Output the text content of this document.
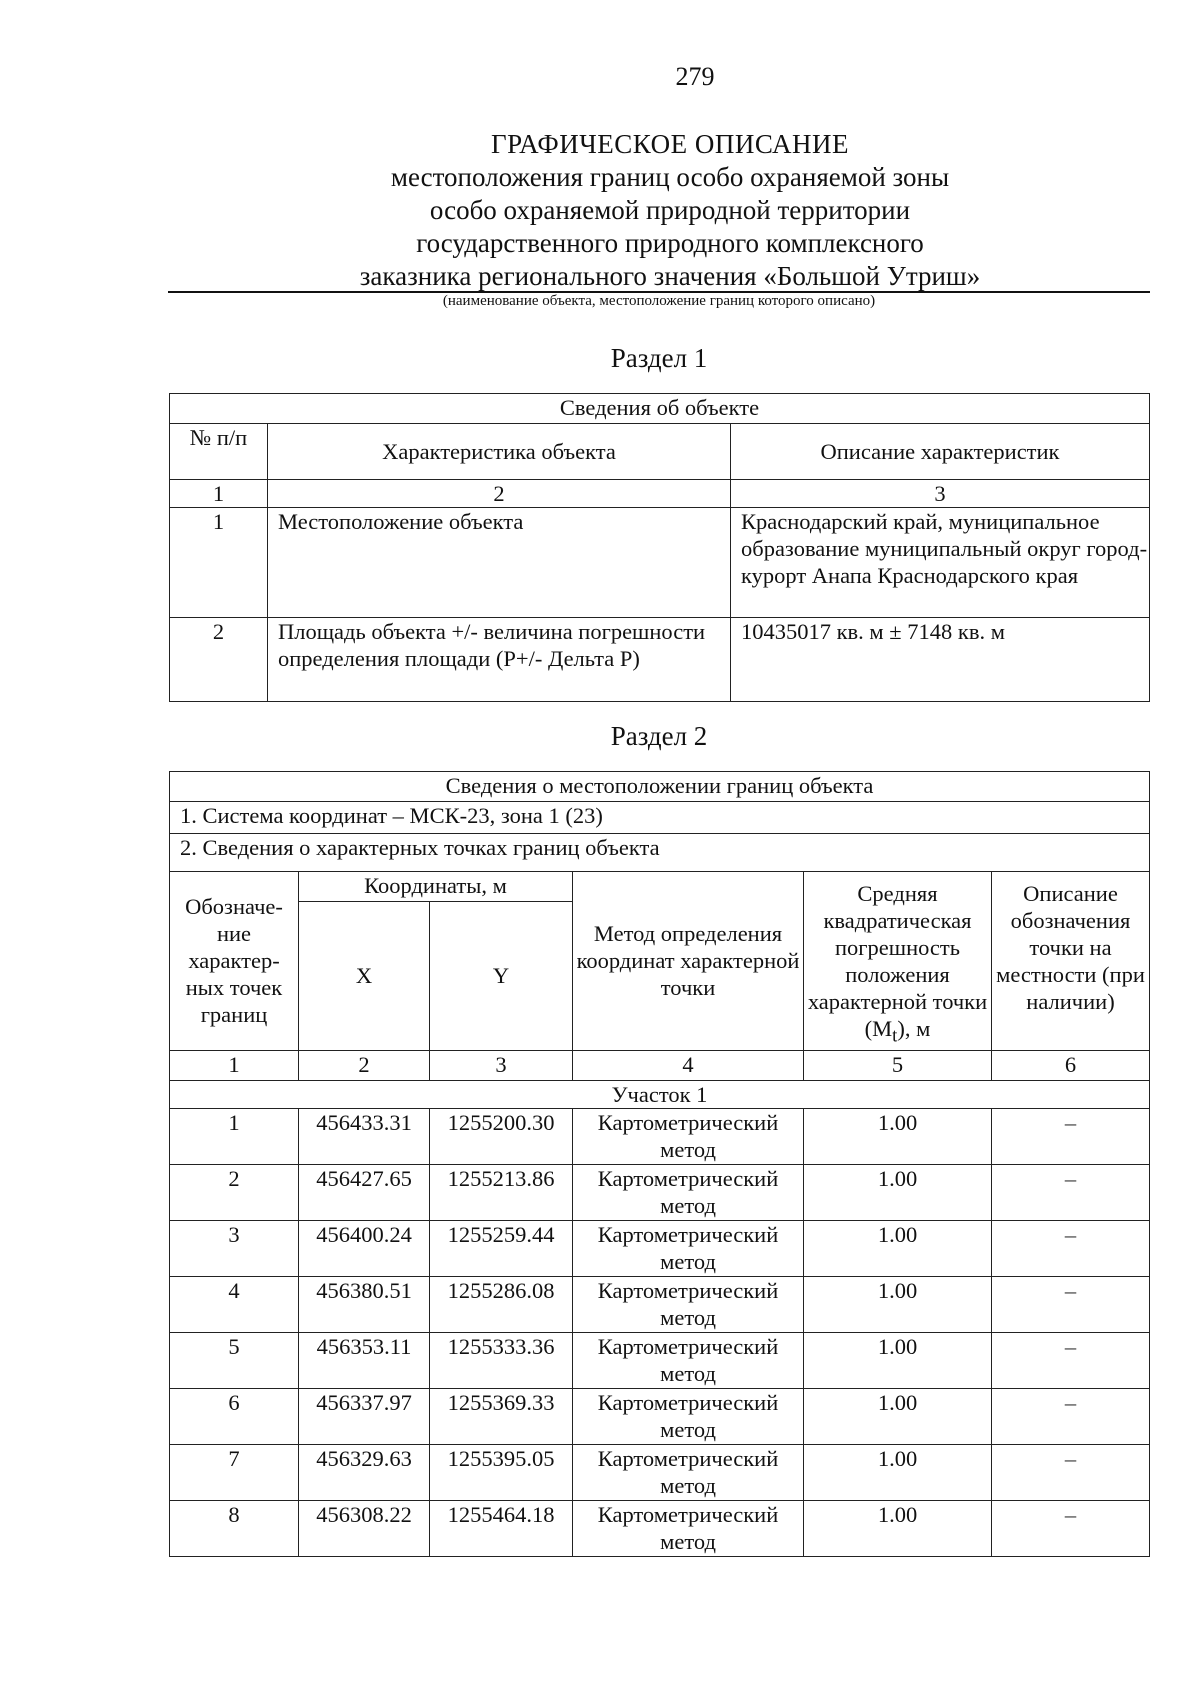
279
ГРАФИЧЕСКОЕ ОПИСАНИЕ
местоположения границ особо охраняемой зоны
особо охраняемой природной территории
государственного природного комплексного
заказника регионального значения «Большой Утриш»
(наименование объекта, местоположение границ которого описано)
Раздел 1
Сведения об объекте		
№ п/п	Характеристика объекта	Описание характеристик
1	2	3
1	Местоположение объекта	Краснодарский край, муниципальное образование муниципальный округ город-курорт Анапа Краснодарского края
2	Площадь объекта +/- величина погрешности определения площади (P+/- Дельта P)	10435017 кв. м ± 7148 кв. м
Раздел 2
Сведения о местоположении границ объекта					
1. Система координат – МСК-23, зона 1 (23)					
2. Сведения о характерных точках границ объекта					
Обозначе-ние характер-ных точек границ	Координаты, м		Метод определения координат характерной точки	Средняя квадратическая погрешность положения характерной точки $(M_t)$, м	Описание обозначения точки на местности (при наличии)
	X	Y			
1	2	3	4	5	6
Участок 1					
1	456433.31	1255200.30	Картометрический метод	1.00	–
2	456427.65	1255213.86	Картометрический метод	1.00	–
3	456400.24	1255259.44	Картометрический метод	1.00	–
4	456380.51	1255286.08	Картометрический метод	1.00	–
5	456353.11	1255333.36	Картометрический метод	1.00	–
6	456337.97	1255369.33	Картометрический метод	1.00	–
7	456329.63	1255395.05	Картометрический метод	1.00	–
8	456308.22	1255464.18	Картометрический метод	1.00	–
